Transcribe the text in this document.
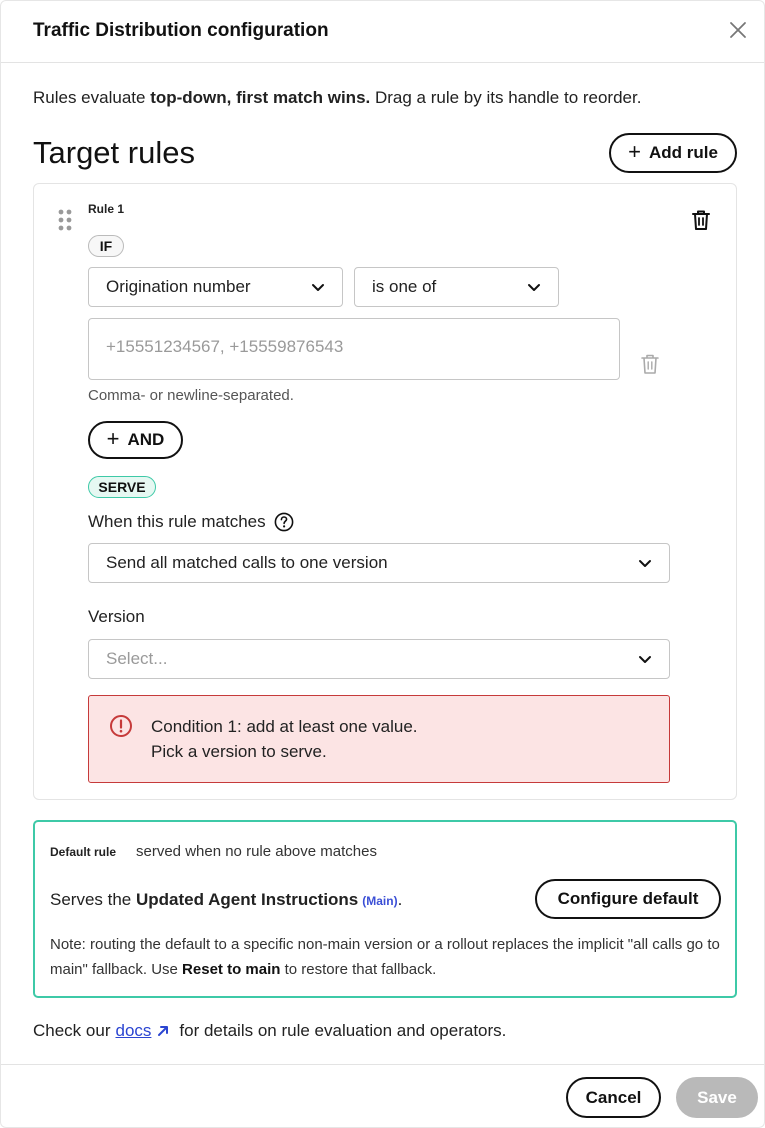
Traffic Distribution configuration
Rules evaluate top-down, first match wins. Drag a rule by its handle to reorder.
Target rules	+ Add rule
Rule 1
IF
Origination number	is one of
+15551234567, +15559876543
Comma- or newline-separated.
+ AND
SERVE
When this rule matches
Send all matched calls to one version
Version
Select...
Condition 1: add at least one value.
Pick a version to serve.
Default rule served when no rule above matches
Serves the Updated Agent Instructions (Main).	Configure default
Note: routing the default to a specific non-main version or a rollout replaces the implicit "all calls go to main" fallback. Use Reset to main to restore that fallback.
Check our docs for details on rule evaluation and operators.
Cancel	Save
